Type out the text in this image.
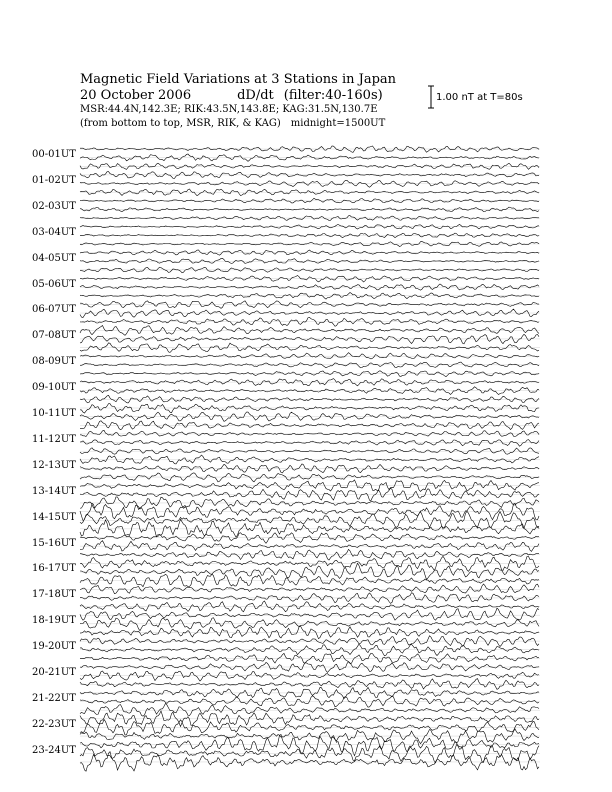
Magnetic Field Variations at 3 Stations in Japan
20 October 2006	dD/dt (filter:40-160s)
MSR:44.4N,142.3E; RIK:43.5N,143.8E; KAG:31.5N,130.7E
(from bottom to top, MSR, RIK, & KAG) midnight=1500UT
1.00 nT at T=80s
00-01UT
01-02UT
02-03UT
03-04UT
04-05UT
05-06UT
06-07UT
07-08UT
08-09UT
09-10UT
10-11UT
11-12UT
12-13UT
13-14UT
14-15UT
15-16UT
16-17UT
17-18UT
18-19UT
19-20UT
20-21UT
21-22UT
22-23UT
23-24UT
